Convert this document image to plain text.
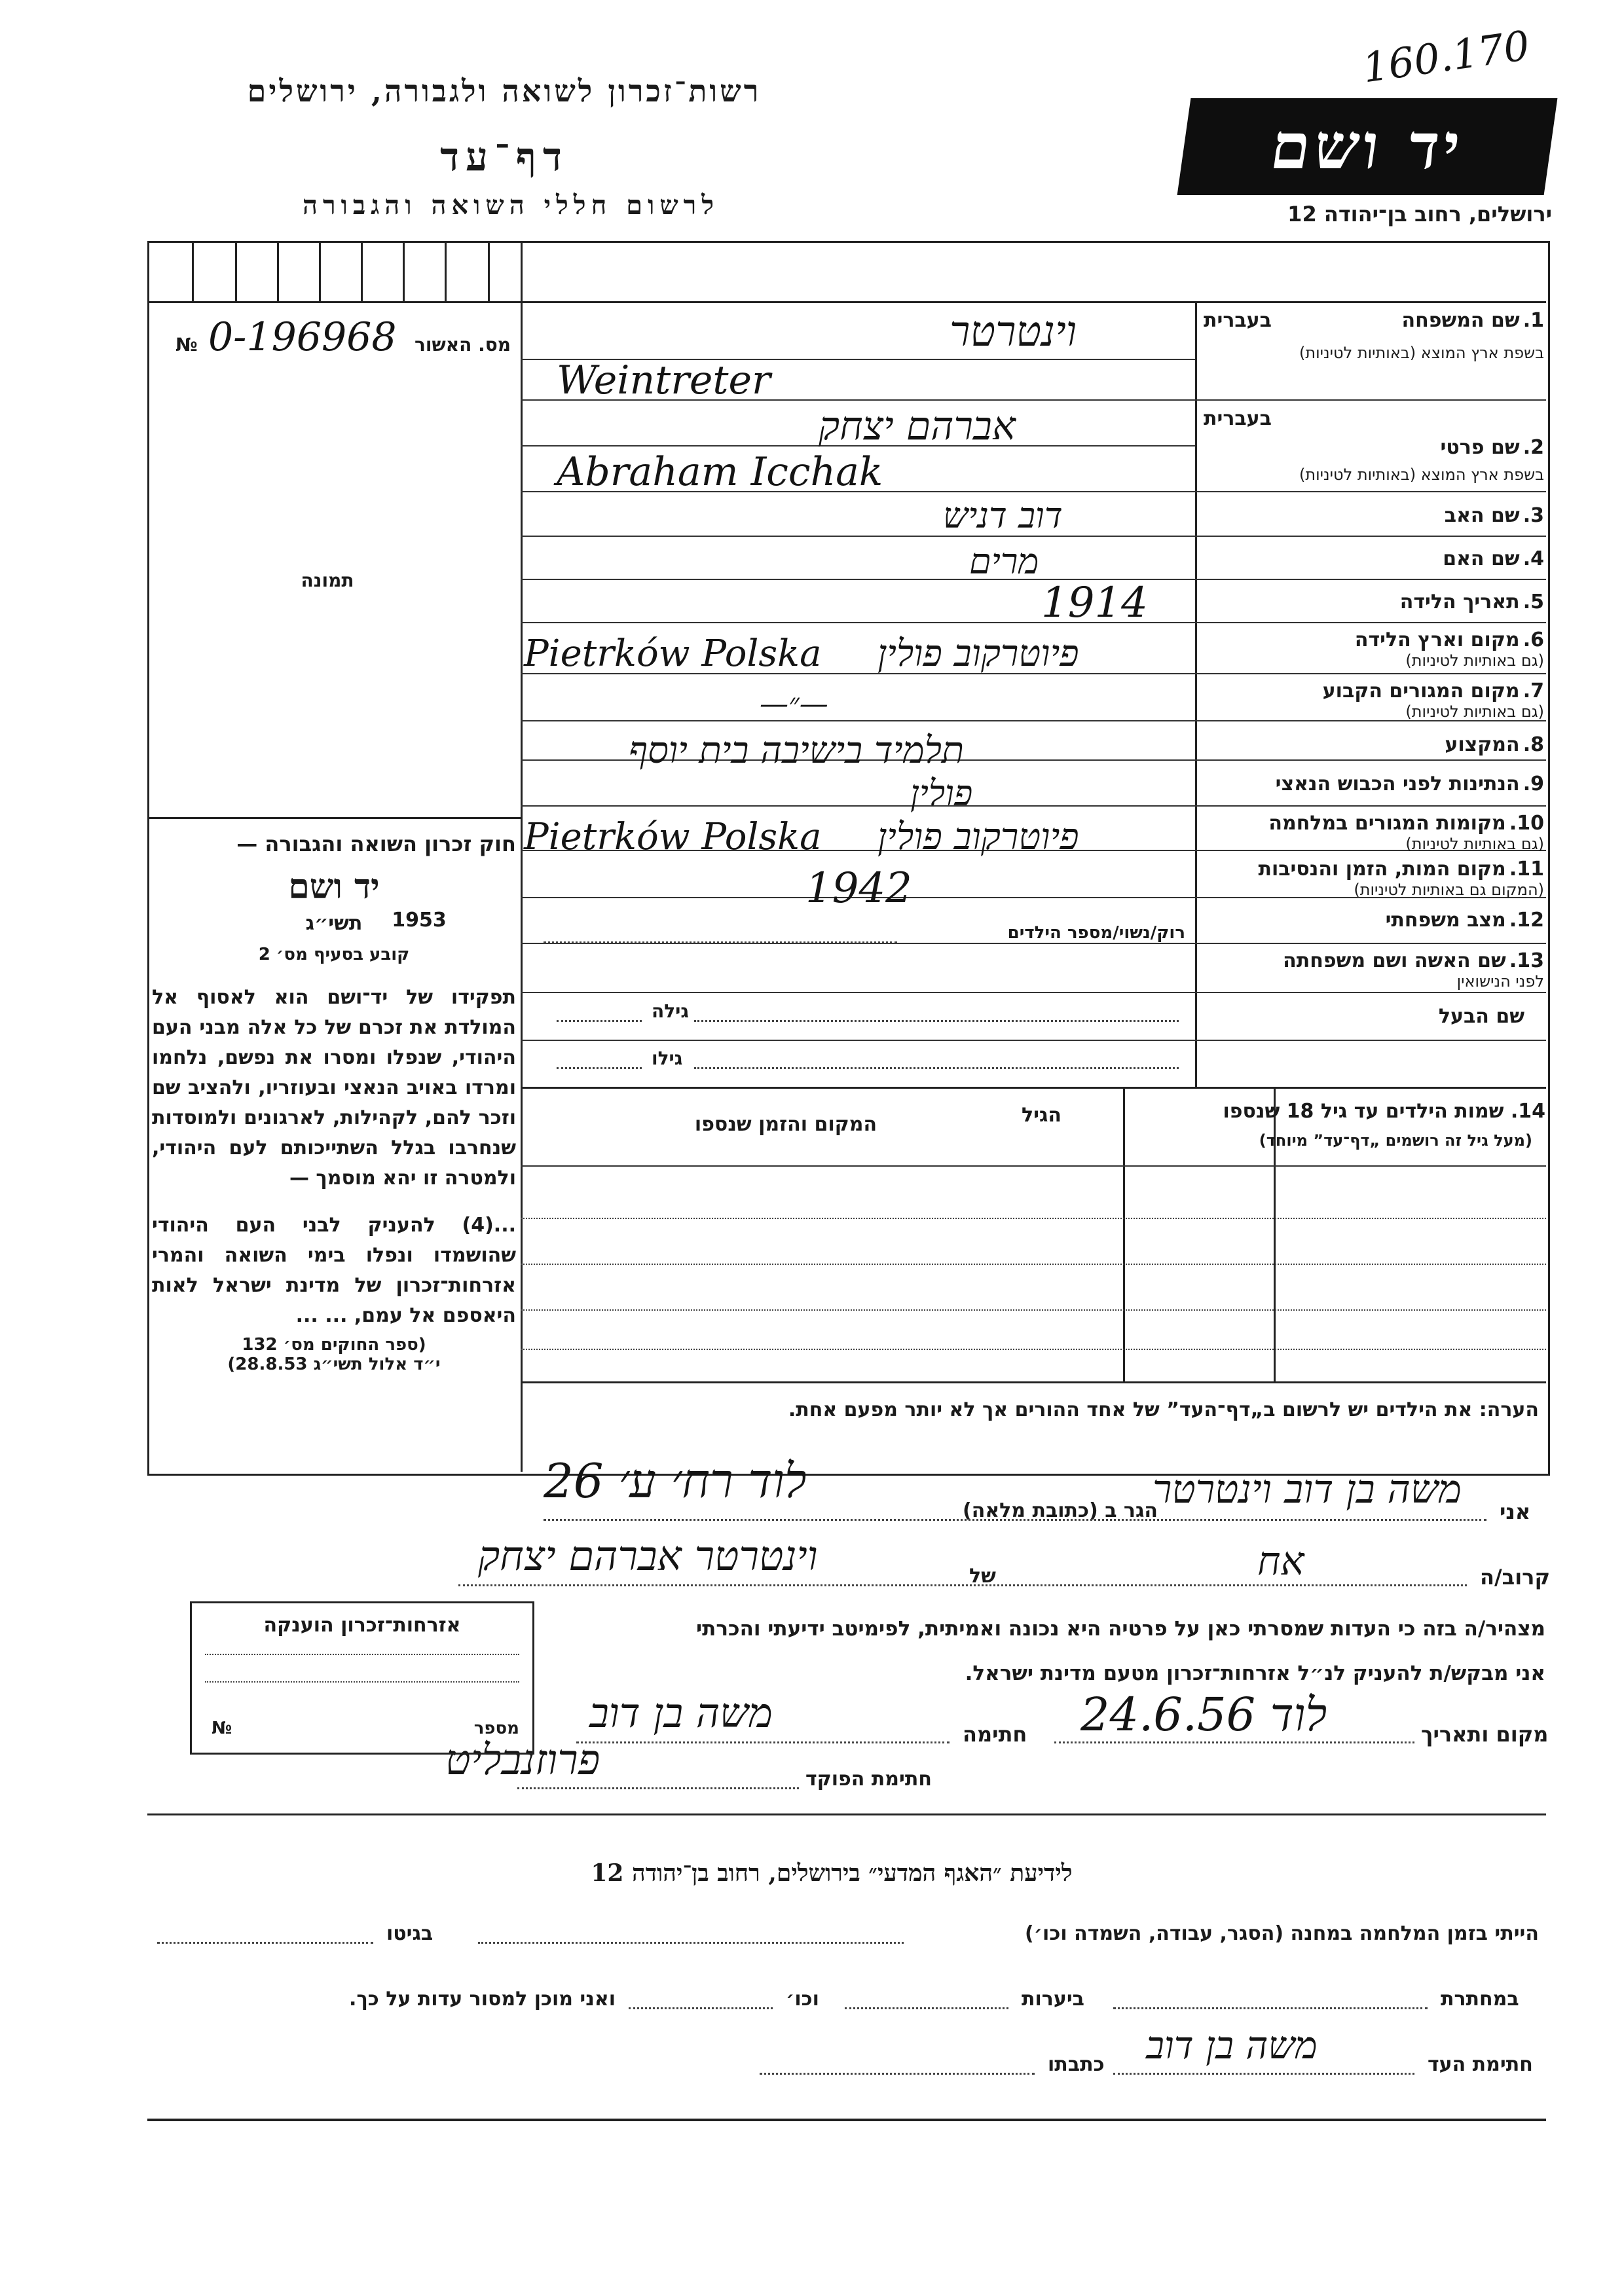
160.170
רשות־זכרון לשואה ולגבורה, ירושלים
דף־עד
לרשום חללי השואה והגבורה
יד ושם
ירושלים, רחוב בן־יהודה 12
מס. האשור
№ 0-196968
תמונה
חוק זכרון השואה והגבורה —
יד ושם
תשי״ג	1953
קובע בסעיף מס׳ 2
תפקידו של יד־ושם הוא לאסוף אל המולדת את זכרם של כל אלה מבני העם היהודי, שנפלו ומסרו את נפשם, נלחמו ומרדו באויב הנאצי ובעוזריו, ולהציב שם וזכר להם, לקהילות, לארגונים ולמוסדות שנחרבו בגלל השתייכותם לעם היהודי, ולמטרה זו יהא מוסמך —
...(4) להעניק לבני העם היהודי שהושמדו ונפלו בימי השואה והמרי אזרחות־זכרון של מדינת ישראל לאות היאספם אל עמם, ... ...
(ספר החוקים מס׳ 132
י״ד אלול תשי״ג 28.8.53)
1. שם המשפחה
בעברית
בשפת ארץ המוצא (באותיות לטיניות)
בעברית
2. שם פרטי
בשפת ארץ המוצא (באותיות לטיניות)
3. שם האב
4. שם האם
5. תאריך הלידה
6. מקום וארץ הלידה
(גם באותיות לטיניות)
7. מקום המגורים הקבוע
(גם באותיות לטיניות)
8. המקצוע
9. הנתינות לפני הכבוש הנאצי
10. מקומות המגורים במלחמה
(גם באותיות לטיניות)
11. מקום המות, הזמן והנסיבות
(המקום גם באותיות לטיניות)
12. מצב משפחתי
13. שם האשה ושם משפחתה
לפני הנישואין
שם הבעל
וינטרטר
Weintreter
אברהם יצחק
Abraham Icchak
דוב דניש
מרים
1914
פיוטרקוב פולין
Pietrków Polska
—״—
תלמיד בישיבה בית יוסף
פולין
פיוטרקוב פולין
Pietrków Polska
1942
רוק/נשוי/מספר הילדים
גילה
גילו
14. שמות הילדים עד גיל 18 שנספו
(מעל גיל זה רושמים „דף־עד” מיוחד)
הגיל
המקום והזמן שנספו
הערה: את הילדים יש לרשום ב„דף־העד” של אחד ההורים אך לא יותר מפעם אחת.
אני
משה בן דוב וינטרטר
הגר ב (כתובת מלאה)
לוד רח׳ ע׳ 26
קרוב/ה
אח
של
וינטרטר אברהם יצחק
מצהיר/ה בזה כי העדות שמסרתי כאן על פרטיה היא נכונה ואמיתית, לפימיטב ידיעתי והכרתי
אני מבקש/ת להעניק לנ״ל אזרחות־זכרון מטעם מדינת ישראל.
מקום ותאריך
לוד 24.6.56
חתימה
משה בן דוב
חתימת הפוקד
פרוזנבליט
אזרחות־זכרון הוענקה
מספר
№
לידיעת ״האגף המדעי״ בירושלים, רחוב בן־יהודה 12
הייתי בזמן המלחמה במחנה (הסגר, עבודה, השמדה וכו׳)
בגיטו
במחתרת
ביערות
וכו׳
ואני מוכן למסור עדות על כך.
חתימת העד
משה בן דוב
כתבתו
